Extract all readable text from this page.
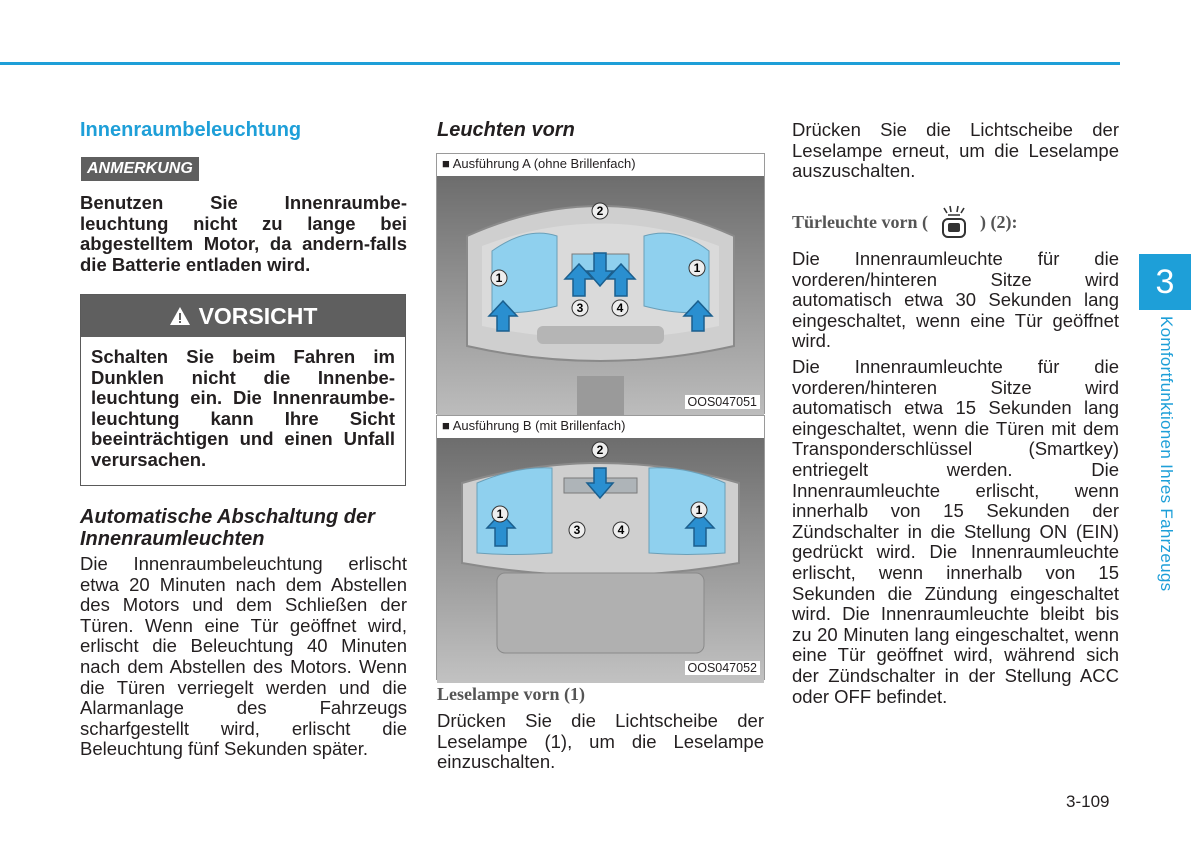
Innenraumbeleuchtung
ANMERKUNG
Benutzen Sie Innenraumbe-leuchtung nicht zu lange bei abgestelltem Motor, da andern-falls die Batterie entladen wird.
VORSICHT
Schalten Sie beim Fahren im Dunklen nicht die Innenbe-leuchtung ein. Die Innenraumbe-leuchtung kann Ihre Sicht beeinträchtigen und einen Unfall verursachen.
Automatische Abschaltung der Innenraumleuchten
Die Innenraumbeleuchtung erlischt etwa 20 Minuten nach dem Abstellen des Motors und dem Schließen der Türen. Wenn eine Tür geöffnet wird, erlischt die Beleuchtung 40 Minuten nach dem Abstellen des Motors. Wenn die Türen verriegelt werden und die Alarmanlage des Fahrzeugs scharfgestellt wird, erlischt die Beleuchtung fünf Sekunden später.
Leuchten vorn
■ Ausführung A (ohne Brillenfach)
2
1
1
3	4
OOS047051
■ Ausführung B (mit Brillenfach)
2
1	1
3	4
OOS047052
Leselampe vorn (1)
Drücken Sie die Lichtscheibe der Leselampe (1), um die Leselampe einzuschalten.
Drücken Sie die Lichtscheibe der Leselampe erneut, um die Leselampe auszuschalten.
Türleuchte vorn (	) (2):
Die Innenraumleuchte für die vorderen/hinteren Sitze wird automatisch etwa 30 Sekunden lang eingeschaltet, wenn eine Tür geöffnet wird.
Die Innenraumleuchte für die vorderen/hinteren Sitze wird automatisch etwa 15 Sekunden lang eingeschaltet, wenn die Türen mit dem Transponderschlüssel (Smartkey) entriegelt werden. Die Innenraumleuchte erlischt, wenn innerhalb von 15 Sekunden der Zündschalter in die Stellung ON (EIN) gedrückt wird. Die Innenraumleuchte erlischt, wenn innerhalb von 15 Sekunden die Zündung eingeschaltet wird. Die Innenraumleuchte bleibt bis zu 20 Minuten lang eingeschaltet, wenn eine Tür geöffnet wird, während sich der Zündschalter in der Stellung ACC oder OFF befindet.
3
Komfortfunktionen Ihres Fahrzeugs
3-109
